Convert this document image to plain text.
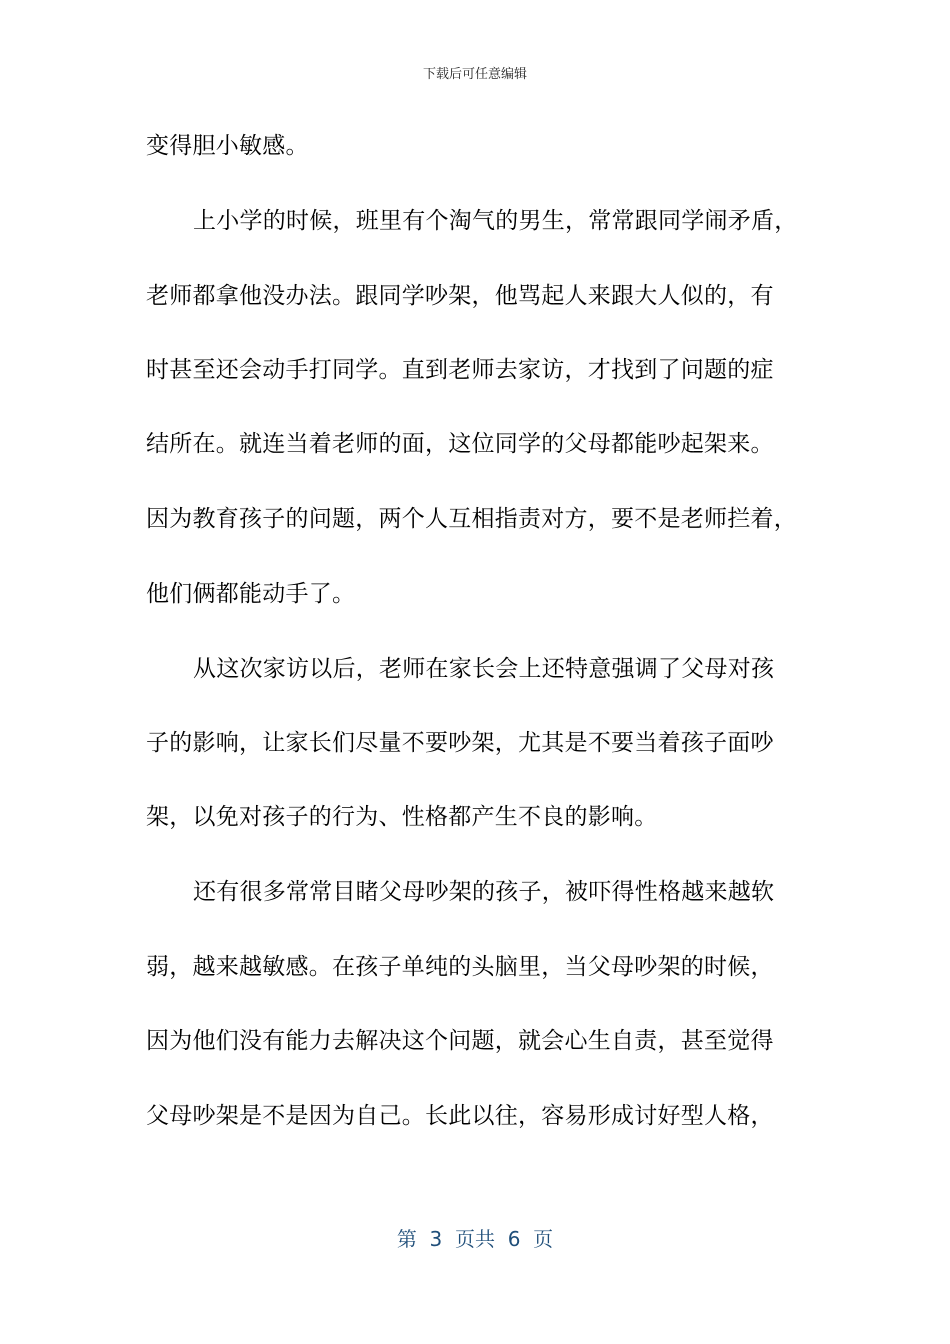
下载后可任意编辑
变得胆小敏感。
上小学的时候，班里有个淘气的男生，常常跟同学闹矛盾，
老师都拿他没办法。跟同学吵架，他骂起人来跟大人似的，有
时甚至还会动手打同学。直到老师去家访，才找到了问题的症
结所在。就连当着老师的面，这位同学的父母都能吵起架来。
因为教育孩子的问题，两个人互相指责对方，要不是老师拦着，
他们俩都能动手了。
从这次家访以后，老师在家长会上还特意强调了父母对孩
子的影响，让家长们尽量不要吵架，尤其是不要当着孩子面吵
架，以免对孩子的行为、性格都产生不良的影响。
还有很多常常目睹父母吵架的孩子，被吓得性格越来越软
弱，越来越敏感。在孩子单纯的头脑里，当父母吵架的时候，
因为他们没有能力去解决这个问题，就会心生自责，甚至觉得
父母吵架是不是因为自己。长此以往，容易形成讨好型人格，
第  3  页共  6  页
